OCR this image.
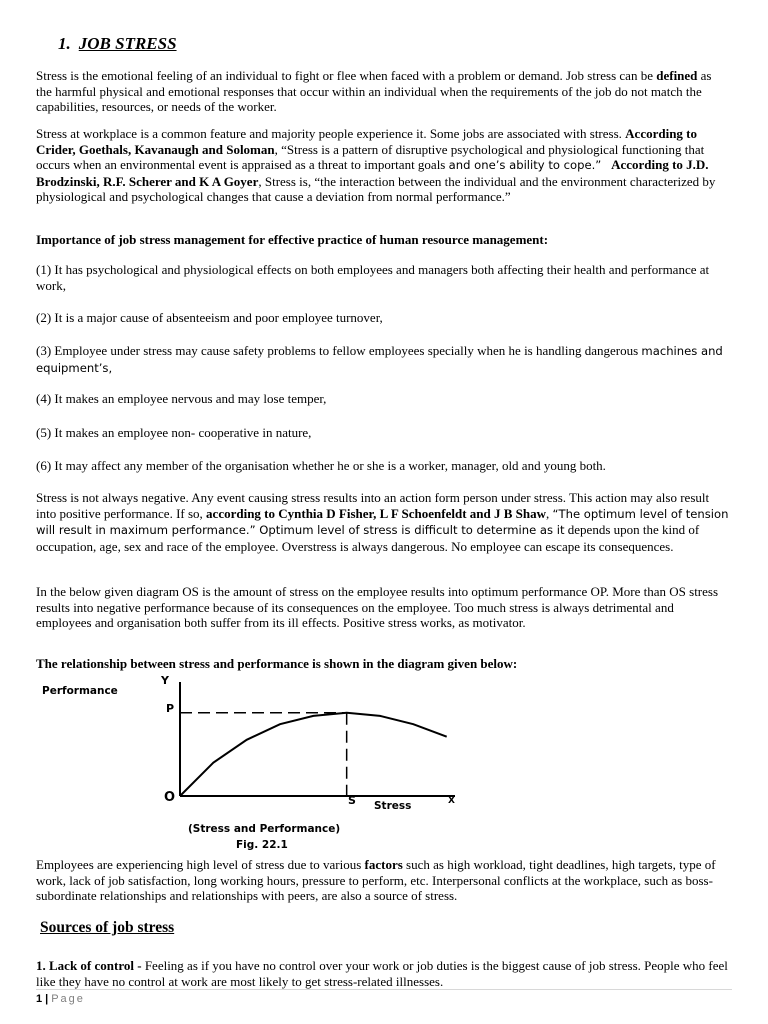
1. JOB STRESS

Stress is the emotional feeling of an individual to fight or flee when faced with a problem or demand. Job stress can be defined as the harmful physical and emotional responses that occur within an individual when the requirements of the job do not match the capabilities, resources, or needs of the worker.

Stress at workplace is a common feature and majority people experience it. Some jobs are associated with stress. According to Crider, Goethals, Kavanaugh and Soloman, “Stress is a pattern of disruptive psychological and physiological functioning that occurs when an environmental event is appraised as a threat to important goals and one’s ability to cope.” According to J.D. Brodzinski, R.F. Scherer and K A Goyer, Stress is, “the interaction between the individual and the environment characterized by physiological and psychological changes that cause a deviation from normal performance.”

Importance of job stress management for effective practice of human resource management:

(1) It has psychological and physiological effects on both employees and managers both affecting their health and performance at work,

(2) It is a major cause of absenteeism and poor employee turnover,

(3) Employee under stress may cause safety problems to fellow employees specially when he is handling dangerous machines and equipment’s,

(4) It makes an employee nervous and may lose temper,

(5) It makes an employee non- cooperative in nature,

(6) It may affect any member of the organisation whether he or she is a worker, manager, old and young both.

Stress is not always negative. Any event causing stress results into an action form person under stress. This action may also result into positive performance. If so, according to Cynthia D Fisher, L F Schoenfeldt and J B Shaw, “The optimum level of tension will result in maximum performance.” Optimum level of stress is difficult to determine as it depends upon the kind of occupation, age, sex and race of the employee. Overstress is always dangerous. No employee can escape its consequences.

In the below given diagram OS is the amount of stress on the employee results into optimum performance OP. More than OS stress results into negative performance because of its consequences on the employee. Too much stress is always detrimental and employees and organisation both suffer from its ill effects. Positive stress works, as motivator.

The relationship between stress and performance is shown in the diagram given below:

Performance
Y
P
O	S Stress	X
(Stress and Performance)
Fig. 22.1

Employees are experiencing high level of stress due to various factors such as high workload, tight deadlines, high targets, type of work, lack of job satisfaction, long working hours, pressure to perform, etc. Interpersonal conflicts at the workplace, such as boss-subordinate relationships and relationships with peers, are also a source of stress.

Sources of job stress

1. Lack of control - Feeling as if you have no control over your work or job duties is the biggest cause of job stress. People who feel like they have no control at work are most likely to get stress-related illnesses.

1 | Page
